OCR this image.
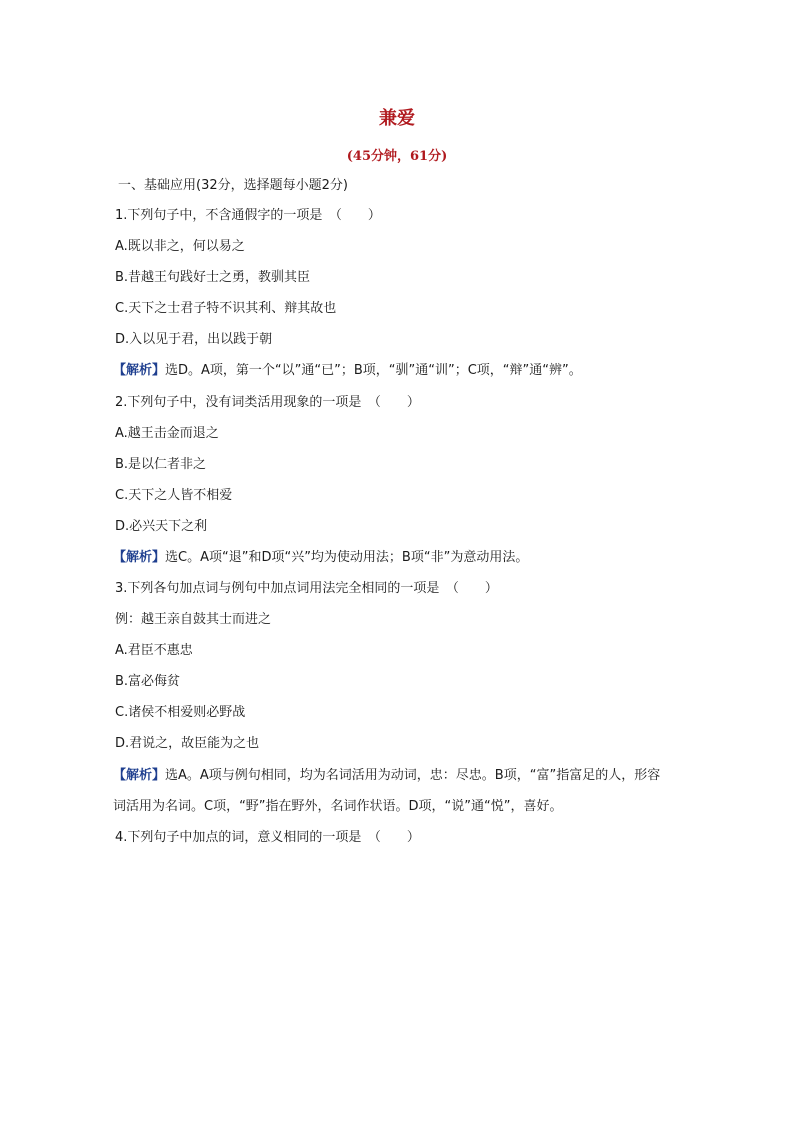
兼爱
(45分钟，61分)
一、基础应用(32分，选择题每小题2分)
1.下列句子中，不含通假字的一项是　（　　）
A.既以非之，何以易之
B.昔越王句践好士之勇，教驯其臣
C.天下之士君子特不识其利、辩其故也
D.入以见于君，出以践于朝
【解析】选D。A项，第一个“以”通“已”；B项，“驯”通“训”；C项，“辩”通“辨”。
2.下列句子中，没有词类活用现象的一项是　（　　）
A.越王击金而退之
B.是以仁者非之
C.天下之人皆不相爱
D.必兴天下之利
【解析】选C。A项“退”和D项“兴”均为使动用法；B项“非”为意动用法。
3.下列各句加点词与例句中加点词用法完全相同的一项是　（　　）
例：越王亲自鼓其士而进之
A.君臣不惠忠
B.富必侮贫
C.诸侯不相爱则必野战
D.君说之，故臣能为之也
【解析】选A。A项与例句相同，均为名词活用为动词，忠：尽忠。B项，“富”指富足的人，形容词活用为名词。C项，“野”指在野外，名词作状语。D项，“说”通“悦”，喜好。
4.下列句子中加点的词，意义相同的一项是　（　　）
